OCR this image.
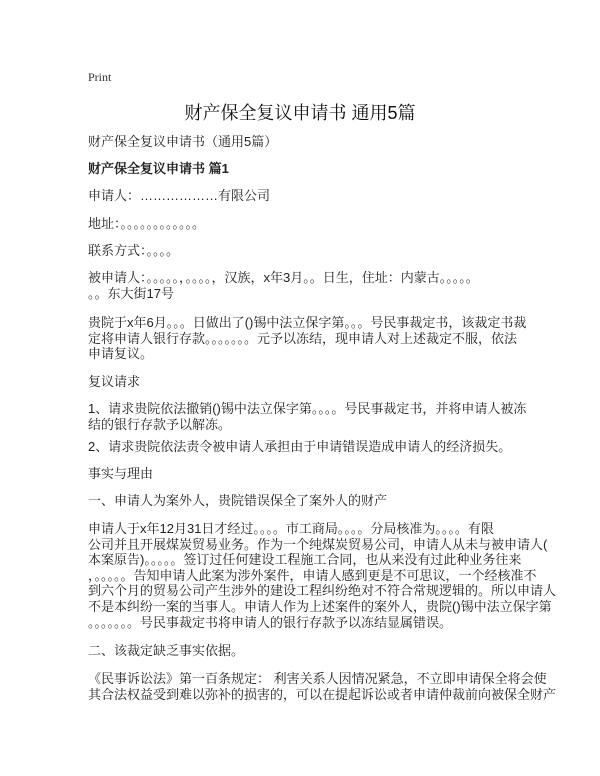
Print
财产保全复议申请书 通用5篇
财产保全复议申请书（通用5篇）
财产保全复议申请书 篇1
申请人：………………有限公司
地址：。。。。。。。。。。。。
联系方式：。。。。
被申请人：。。。。。，。。。。，汉族，x年3月。。日生，住址：内蒙古。。。。。
。。东大街17号
贵院于x年6月。。。日做出了()锡中法立保字第。。。号民事裁定书，该裁定书裁
定将申请人银行存款。。。。。。。元予以冻结，现申请人对上述裁定不服，依法
申请复议。
复议请求
1、请求贵院依法撤销()锡中法立保字第。。。。号民事裁定书，并将申请人被冻
结的银行存款予以解冻。
2、请求贵院依法责令被申请人承担由于申请错误造成申请人的经济损失。
事实与理由
一、申请人为案外人，贵院错误保全了案外人的财产
申请人于x年12月31日才经过。。。。市工商局。。。。分局核准为。。。。有限
公司并且开展煤炭贸易业务。作为一个纯煤炭贸易公司，申请人从未与被申请人(
本案原告)。。。。。签订过任何建设工程施工合同，也从来没有过此种业务往来
，。。。。。告知申请人此案为涉外案件，申请人感到更是不可思议，一个经核准不
到六个月的贸易公司产生涉外的建设工程纠纷绝对不符合常规逻辑的。所以申请人
不是本纠纷一案的当事人。申请人作为上述案件的案外人，贵院()锡中法立保字第
。。。。。。。号民事裁定书将申请人的银行存款予以冻结显属错误。
二、该裁定缺乏事实依据。
《民事诉讼法》第一百条规定： 利害关系人因情况紧急，不立即申请保全将会使
其合法权益受到难以弥补的损害的，可以在提起诉讼或者申请仲裁前向被保全财产
